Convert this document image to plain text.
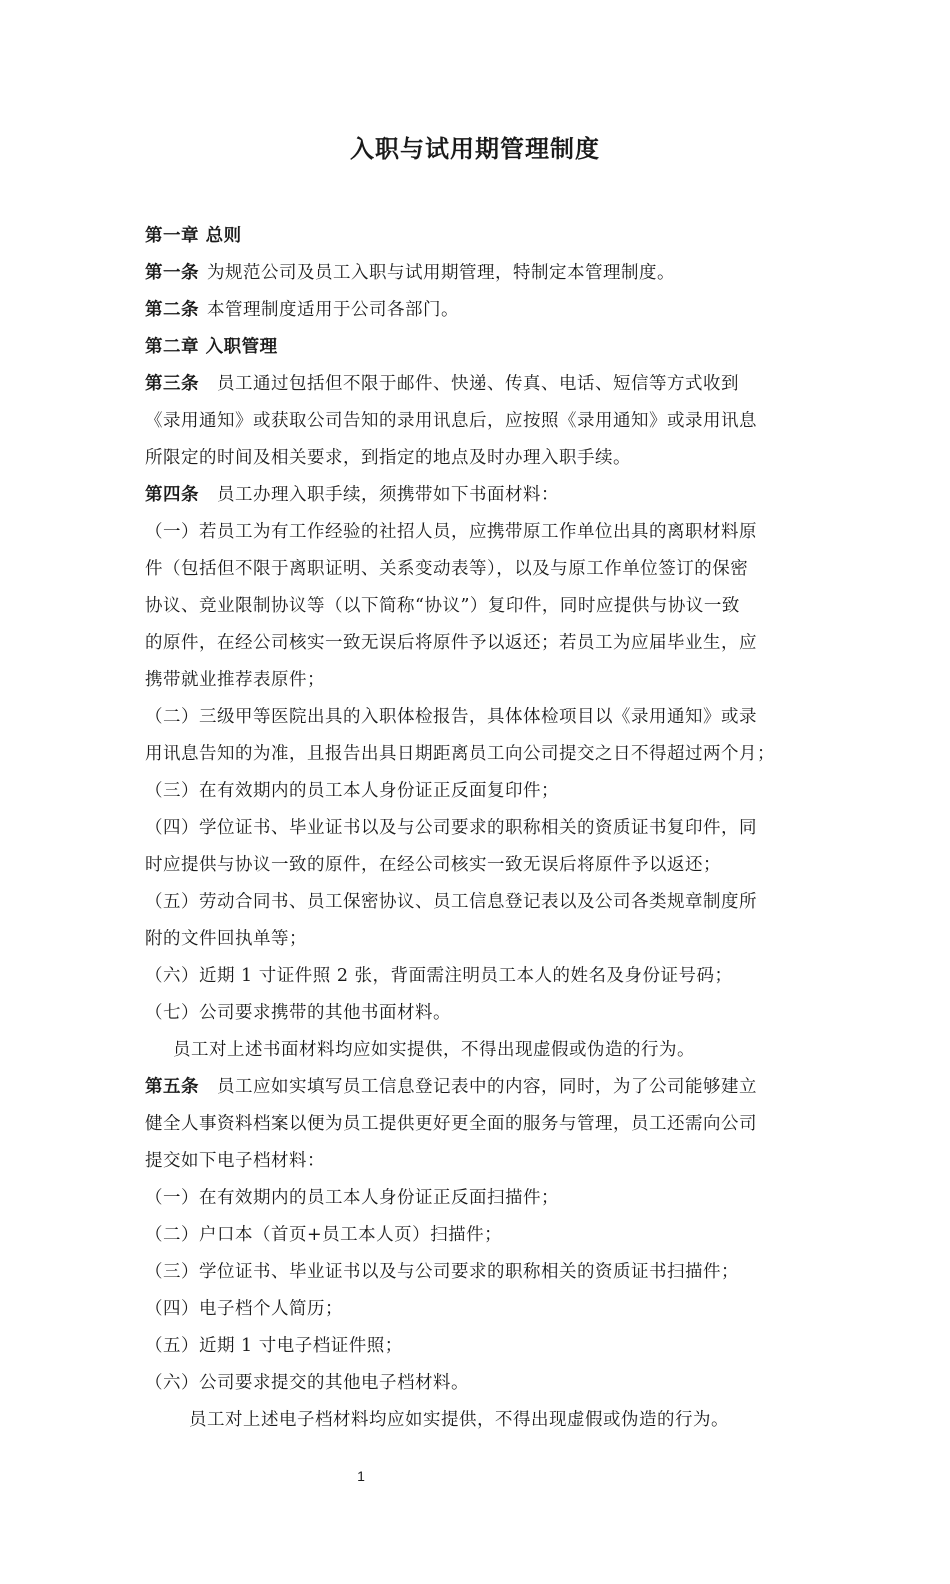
入职与试用期管理制度
第一章 总则
第一条 为规范公司及员工入职与试用期管理，特制定本管理制度。
第二条 本管理制度适用于公司各部门。
第二章 入职管理
第三条 员工通过包括但不限于邮件、快递、传真、电话、短信等方式收到
《录用通知》或获取公司告知的录用讯息后，应按照《录用通知》或录用讯息
所限定的时间及相关要求，到指定的地点及时办理入职手续。
第四条 员工办理入职手续，须携带如下书面材料：
（一）若员工为有工作经验的社招人员，应携带原工作单位出具的离职材料原
件（包括但不限于离职证明、关系变动表等），以及与原工作单位签订的保密
协议、竞业限制协议等（以下简称“协议”）复印件，同时应提供与协议一致
的原件，在经公司核实一致无误后将原件予以返还；若员工为应届毕业生，应
携带就业推荐表原件；
（二）三级甲等医院出具的入职体检报告，具体体检项目以《录用通知》或录
用讯息告知的为准，且报告出具日期距离员工向公司提交之日不得超过两个月；
（三）在有效期内的员工本人身份证正反面复印件；
（四）学位证书、毕业证书以及与公司要求的职称相关的资质证书复印件，同
时应提供与协议一致的原件，在经公司核实一致无误后将原件予以返还；
（五）劳动合同书、员工保密协议、员工信息登记表以及公司各类规章制度所
附的文件回执单等；
（六）近期 1 寸证件照 2 张，背面需注明员工本人的姓名及身份证号码；
（七）公司要求携带的其他书面材料。
员工对上述书面材料均应如实提供，不得出现虚假或伪造的行为。
第五条 员工应如实填写员工信息登记表中的内容，同时，为了公司能够建立
健全人事资料档案以便为员工提供更好更全面的服务与管理，员工还需向公司
提交如下电子档材料：
（一）在有效期内的员工本人身份证正反面扫描件；
（二）户口本（首页+员工本人页）扫描件；
（三）学位证书、毕业证书以及与公司要求的职称相关的资质证书扫描件；
（四）电子档个人简历；
（五）近期 1 寸电子档证件照；
（六）公司要求提交的其他电子档材料。
员工对上述电子档材料均应如实提供，不得出现虚假或伪造的行为。
1
